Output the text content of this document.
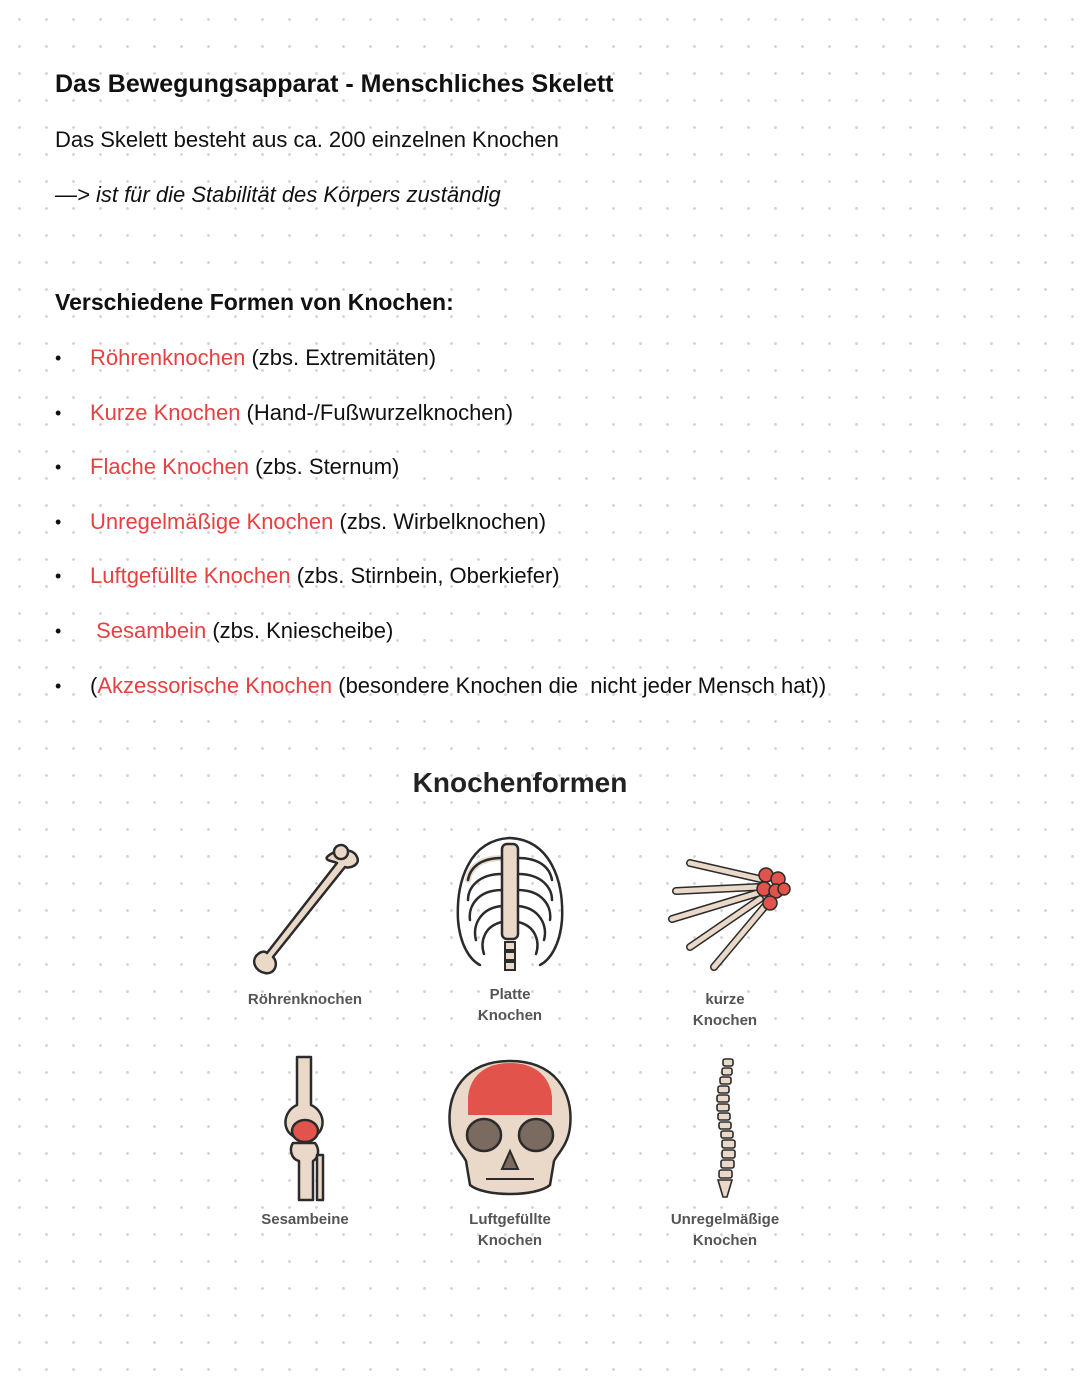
Das Bewegungsapparat - Menschliches Skelett

Das Skelett besteht aus ca. 200 einzelnen Knochen

—> ist für die Stabilität des Körpers zuständig

Verschiedene Formen von Knochen:
•	Röhrenknochen (zbs. Extremitäten)
•	Kurze Knochen (Hand-/Fußwurzelknochen)
•	Flache Knochen (zbs. Sternum)
•	Unregelmäßige Knochen (zbs. Wirbelknochen)
•	Luftgefüllte Knochen (zbs. Stirnbein, Oberkiefer)
•	Sesambein (zbs. Kniescheibe)
•	(Akzessorische Knochen (besondere Knochen die  nicht jeder Mensch hat))
Knochenformen
Röhrenknochen	Platte
Knochen
kurze
Knochen
Sesambeine	Luftgefüllte
Knochen
Unregelmäßige
Knochen
